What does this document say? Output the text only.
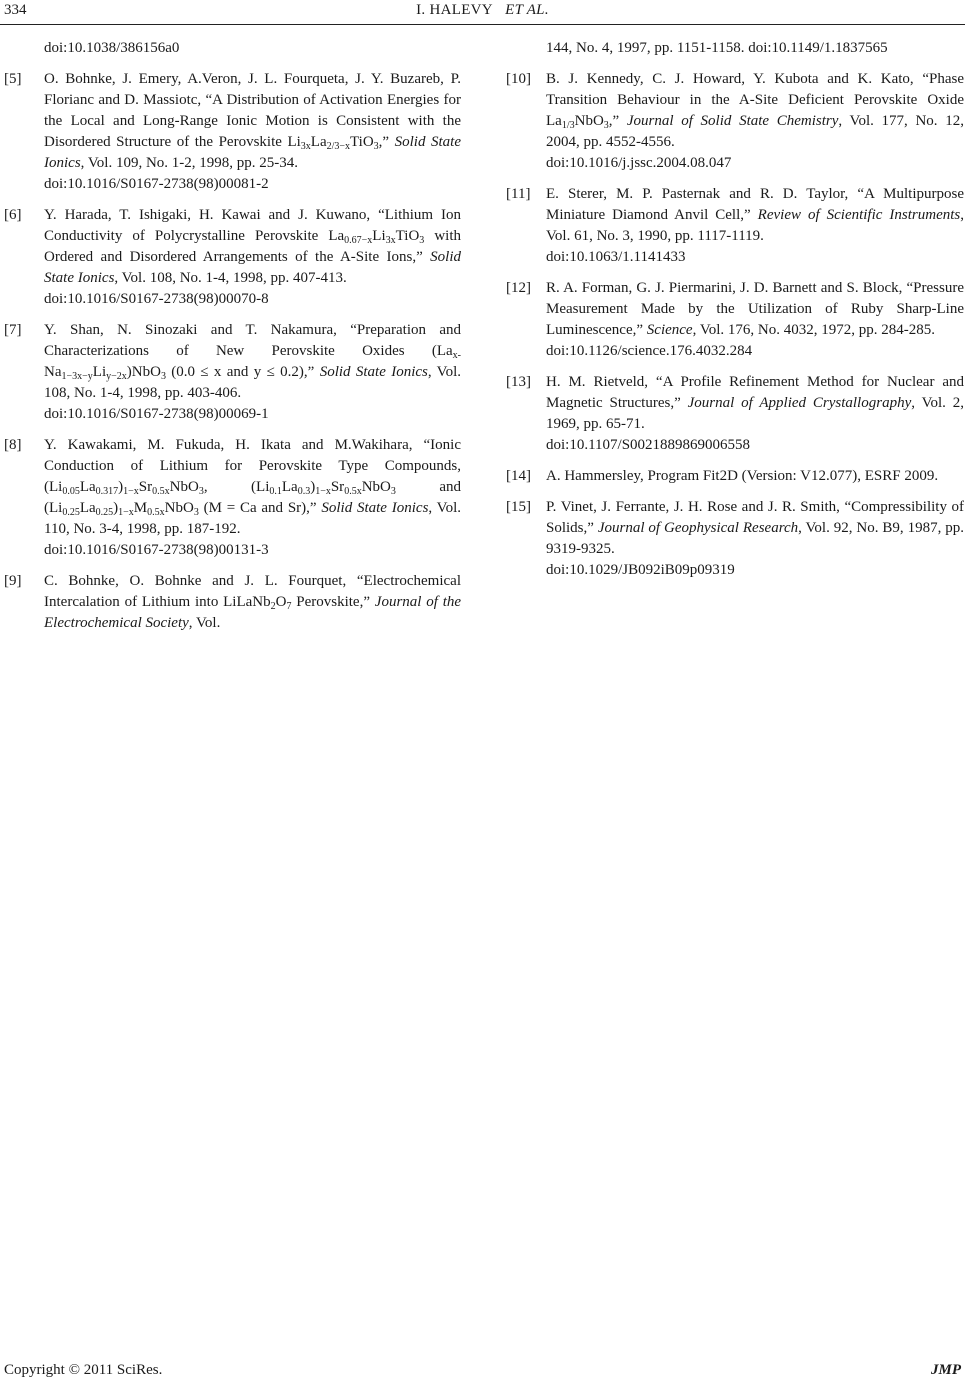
334	I. HALEVY ET AL.
doi:10.1038/386156a0
[5] O. Bohnke, J. Emery, A.Veron, J. L. Fourqueta, J. Y. Buzareb, P. Florianc and D. Massiotc, “A Distribution of Activation Energies for the Local and Long-Range Ionic Motion is Consistent with the Disordered Structure of the Perovskite $Li_{3x}La_{2/3-x}TiO_3$,” Solid State Ionics, Vol. 109, No. 1-2, 1998, pp. 25-34.
doi:10.1016/S0167-2738(98)00081-2
[6] Y. Harada, T. Ishigaki, H. Kawai and J. Kuwano, “Lithium Ion Conductivity of Polycrystalline Perovskite $La_{0.67-x}Li_{3x}TiO_3$ with Ordered and Disordered Arrangements of the A-Site Ions,” Solid State Ionics, Vol. 108, No. 1-4, 1998, pp. 407-413.
doi:10.1016/S0167-2738(98)00070-8
[7] Y. Shan, N. Sinozaki and T. Nakamura, “Preparation and Characterizations of New Perovskite Oxides $(La_{x-}Na_{1-3x-y}Li_{y-2x})NbO_3$ (0.0 ≤ x and y ≤ 0.2),” Solid State Ionics, Vol. 108, No. 1-4, 1998, pp. 403-406.
doi:10.1016/S0167-2738(98)00069-1
[8] Y. Kawakami, M. Fukuda, H. Ikata and M.Wakihara, “Ionic Conduction of Lithium for Perovskite Type Compounds, $(Li_{0.05}La_{0.317})_{1-x}Sr_{0.5x}NbO_3$, $(Li_{0.1}La_{0.3})_{1-x}Sr_{0.5x}NbO_3$ and $(Li_{0.25}La_{0.25})_{1-x}M_{0.5x}NbO_3$ (M = Ca and Sr),” Solid State Ionics, Vol. 110, No. 3-4, 1998, pp. 187-192.
doi:10.1016/S0167-2738(98)00131-3
[9] C. Bohnke, O. Bohnke and J. L. Fourquet, “Electrochemical Intercalation of Lithium into $LiLaNb_2O_7$ Perovskite,” Journal of the Electrochemical Society, Vol.
144, No. 4, 1997, pp. 1151-1158. doi:10.1149/1.1837565
[10] B. J. Kennedy, C. J. Howard, Y. Kubota and K. Kato, “Phase Transition Behaviour in the A-Site Deficient Perovskite Oxide $La_{1/3}NbO_3$,” Journal of Solid State Chemistry, Vol. 177, No. 12, 2004, pp. 4552-4556.
doi:10.1016/j.jssc.2004.08.047
[11] E. Sterer, M. P. Pasternak and R. D. Taylor, “A Multipurpose Miniature Diamond Anvil Cell,” Review of Scientific Instruments, Vol. 61, No. 3, 1990, pp. 1117-1119.
doi:10.1063/1.1141433
[12] R. A. Forman, G. J. Piermarini, J. D. Barnett and S. Block, “Pressure Measurement Made by the Utilization of Ruby Sharp-Line Luminescence,” Science, Vol. 176, No. 4032, 1972, pp. 284-285.
doi:10.1126/science.176.4032.284
[13] H. M. Rietveld, “A Profile Refinement Method for Nuclear and Magnetic Structures,” Journal of Applied Crystallography, Vol. 2, 1969, pp. 65-71.
doi:10.1107/S0021889869006558
[14] A. Hammersley, Program Fit2D (Version: V12.077), ESRF 2009.
[15] P. Vinet, J. Ferrante, J. H. Rose and J. R. Smith, “Compressibility of Solids,” Journal of Geophysical Research, Vol. 92, No. B9, 1987, pp. 9319-9325.
doi:10.1029/JB092iB09p09319
Copyright © 2011 SciRes.	JMP
